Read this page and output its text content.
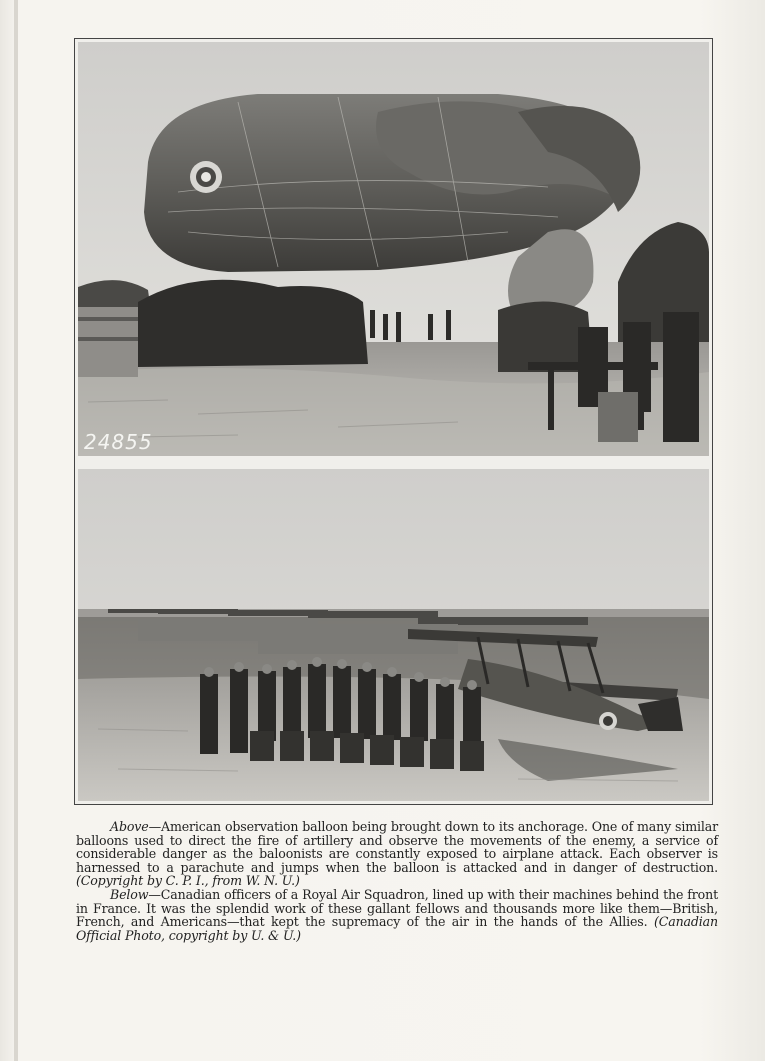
24855

Above—American observation balloon being brought down to its anchorage. One of many similar balloons used to direct the fire of artillery and observe the movements of the enemy, a service of considerable danger as the baloonists are constantly exposed to airplane attack. Each observer is harnessed to a parachute and jumps when the balloon is attacked and in danger of destruction. (Copyright by C. P. I., from W. N. U.)

Below—Canadian officers of a Royal Air Squadron, lined up with their machines behind the front in France. It was the splendid work of these gallant fellows and thousands more like them—British, French, and Americans—that kept the supremacy of the air in the hands of the Allies. (Canadian Official Photo, copyright by U. & U.)
